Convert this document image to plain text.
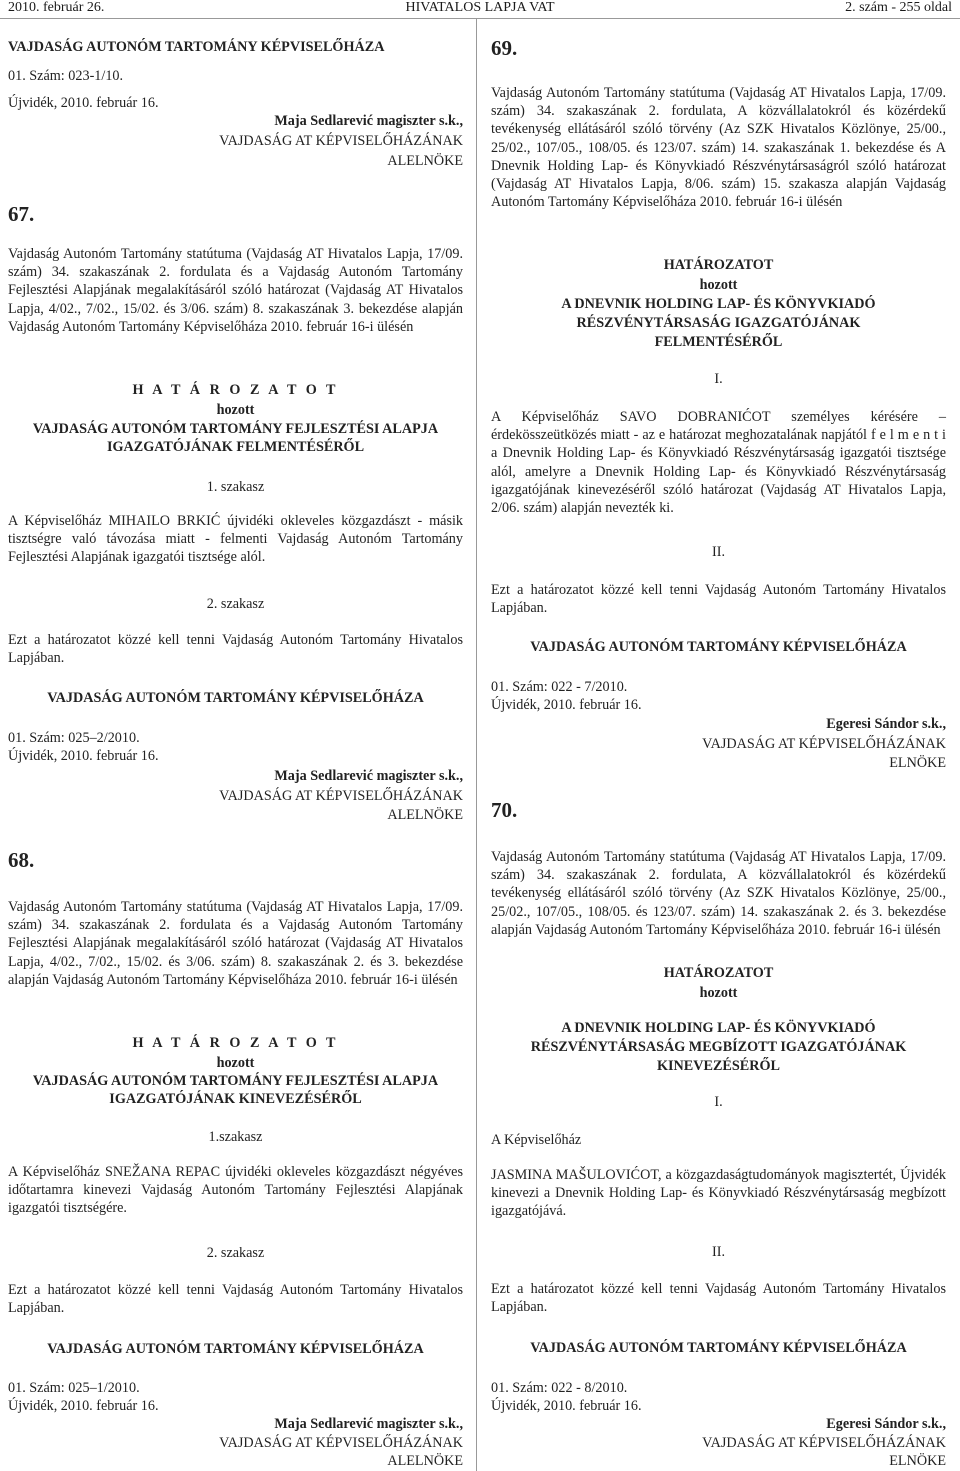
2010. február 26.	HIVATALOS LAPJA VAT	2. szám - 255 oldal
VAJDASÁG AUTONÓM TARTOMÁNY KÉPVISELŐHÁZA
01. Szám: 023-1/10.
Újvidék, 2010. február 16.
Maja Sedlarević magiszter s.k.,
VAJDASÁG AT KÉPVISELŐHÁZÁNAK
ALELNÖKE
67.
Vajdaság Autonóm Tartomány statútuma (Vajdaság AT Hivatalos Lapja, 17/09. szám) 34. szakaszának 2. fordulata és a Vajdaság Autonóm Tartomány Fejlesztési Alapjának megalakításáról szóló határozat (Vajdaság AT Hivatalos Lapja, 4/02., 7/02., 15/02. és 3/06. szám) 8. szakaszának 3. bekezdése alapján Vajdaság Autonóm Tartomány Képviselőháza 2010. február 16-i ülésén
H A T Á R O Z A T O T
hozott
VAJDASÁG AUTONÓM TARTOMÁNY FEJLESZTÉSI ALAPJA
IGAZGATÓJÁNAK FELMENTÉSÉRŐL
1. szakasz
A Képviselőház MIHAILO BRKIĆ újvidéki okleveles közgazdászt - másik tisztségre való távozása miatt - felmenti Vajdaság Autonóm Tartomány Fejlesztési Alapjának igazgatói tisztsége alól.
2. szakasz
Ezt a határozatot közzé kell tenni Vajdaság Autonóm Tartomány Hivatalos Lapjában.
VAJDASÁG AUTONÓM TARTOMÁNY KÉPVISELŐHÁZA
01. Szám: 025–2/2010.
Újvidék, 2010. február 16.
Maja Sedlarević magiszter s.k.,
VAJDASÁG AT KÉPVISELŐHÁZÁNAK
ALELNÖKE
68.
Vajdaság Autonóm Tartomány statútuma (Vajdaság AT Hivatalos Lapja, 17/09. szám) 34. szakaszának 2. fordulata és a Vajdaság Autonóm Tartomány Fejlesztési Alapjának megalakításáról szóló határozat (Vajdaság AT Hivatalos Lapja, 4/02., 7/02., 15/02. és 3/06. szám) 8. szakaszának 2. és 3. bekezdése alapján Vajdaság Autonóm Tartomány Képviselőháza 2010. február 16-i ülésén
H A T Á R O Z A T O T
hozott
VAJDASÁG AUTONÓM TARTOMÁNY FEJLESZTÉSI ALAPJA
IGAZGATÓJÁNAK KINEVEZÉSÉRŐL
1.szakasz
A Képviselőház SNEŽANA REPAC újvidéki okleveles közgazdászt négyéves időtartamra kinevezi Vajdaság Autonóm Tartomány Fejlesztési Alapjának igazgatói tisztségére.
2. szakasz
Ezt a határozatot közzé kell tenni Vajdaság Autonóm Tartomány Hivatalos Lapjában.
VAJDASÁG AUTONÓM TARTOMÁNY KÉPVISELŐHÁZA
01. Szám: 025–1/2010.
Újvidék, 2010. február 16.
Maja Sedlarević magiszter s.k.,
VAJDASÁG AT KÉPVISELŐHÁZÁNAK
ALELNÖKE
69.
Vajdaság Autonóm Tartomány statútuma (Vajdaság AT Hivatalos Lapja, 17/09. szám) 34. szakaszának 2. fordulata, A közvállalatokról és közérdekű tevékenység ellátásáról szóló törvény (Az SZK Hivatalos Közlönye, 25/00., 25/02., 107/05., 108/05. és 123/07. szám) 14. szakaszának 1. bekezdése és A Dnevnik Holding Lap- és Könyvkiadó Részvénytársaságról szóló határozat (Vajdaság AT Hivatalos Lapja, 8/06. szám) 15. szakasza alapján Vajdaság Autonóm Tartomány Képviselőháza 2010. február 16-i ülésén
HATÁROZATOT
hozott
A DNEVNIK HOLDING LAP- ÉS KÖNYVKIADÓ
RÉSZVÉNYTÁRSASÁG IGAZGATÓJÁNAK
FELMENTÉSÉRŐL
I.
A Képviselőház SAVO DOBRANIĆOT személyes kérésére – érdekösszeütközés miatt - az e határozat meghozatalának napjától f e l m e n t i a Dnevnik Holding Lap- és Könyvkiadó Részvénytársaság igazgatói tisztsége alól, amelyre a Dnevnik Holding Lap- és Könyvkiadó Részvénytársaság igazgatójának kinevezéséről szóló határozat (Vajdaság AT Hivatalos Lapja, 2/06. szám) alapján nevezték ki.
II.
Ezt a határozatot közzé kell tenni Vajdaság Autonóm Tartomány Hivatalos Lapjában.
VAJDASÁG AUTONÓM TARTOMÁNY KÉPVISELŐHÁZA
01. Szám: 022 - 7/2010.
Újvidék, 2010. február 16.
Egeresi Sándor s.k.,
VAJDASÁG AT KÉPVISELŐHÁZÁNAK
ELNÖKE
70.
Vajdaság Autonóm Tartomány statútuma (Vajdaság AT Hivatalos Lapja, 17/09. szám) 34. szakaszának 2. fordulata, A közvállalatokról és közérdekű tevékenység ellátásáról szóló törvény (Az SZK Hivatalos Közlönye, 25/00., 25/02., 107/05., 108/05. és 123/07. szám) 14. szakaszának 2. és 3. bekezdése alapján Vajdaság Autonóm Tartomány Képviselőháza 2010. február 16-i ülésén
HATÁROZATOT
hozott
A DNEVNIK HOLDING LAP- ÉS KÖNYVKIADÓ
RÉSZVÉNYTÁRSASÁG MEGBÍZOTT IGAZGATÓJÁNAK
KINEVEZÉSÉRŐL
I.
A Képviselőház
JASMINA MAŠULOVIĆOT, a közgazdaságtudományok magisztertét, Újvidék kinevezi a Dnevnik Holding Lap- és Könyvkiadó Részvénytársaság megbízott igazgatójává.
II.
Ezt a határozatot közzé kell tenni Vajdaság Autonóm Tartomány Hivatalos Lapjában.
VAJDASÁG AUTONÓM TARTOMÁNY KÉPVISELŐHÁZA
01. Szám: 022 - 8/2010.
Újvidék, 2010. február 16.
Egeresi Sándor s.k.,
VAJDASÁG AT KÉPVISELŐHÁZÁNAK
ELNÖKE
